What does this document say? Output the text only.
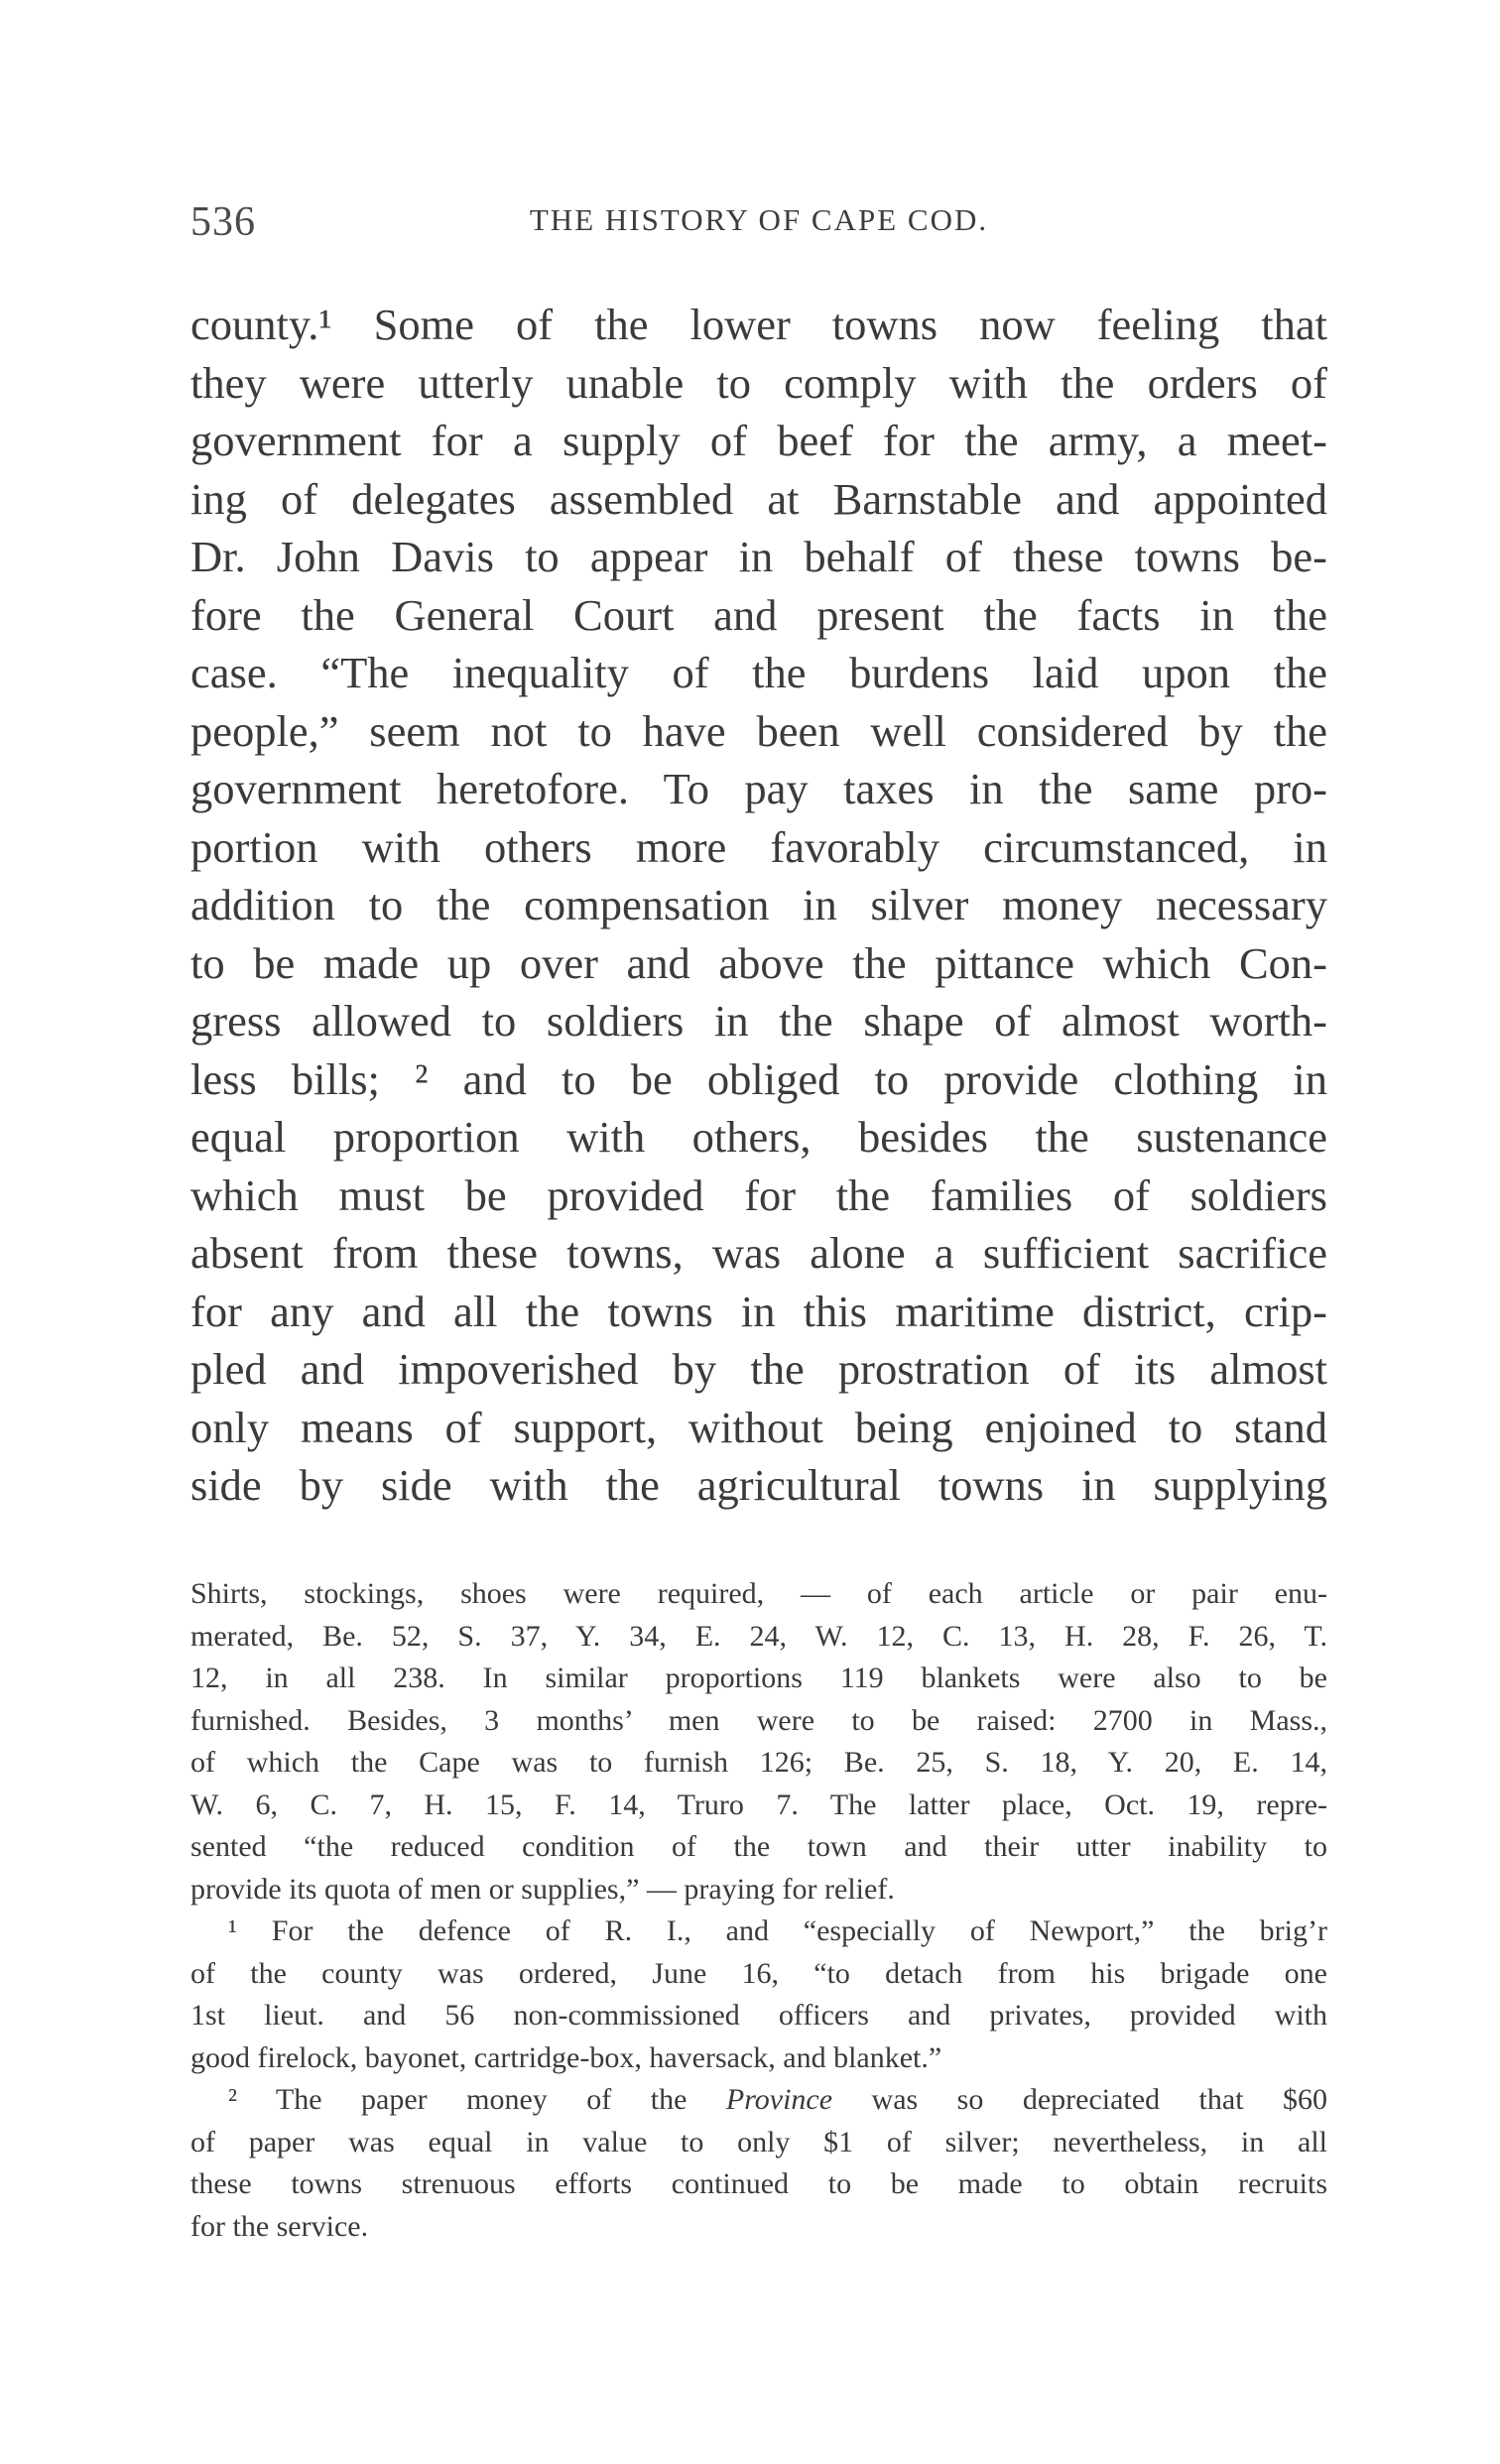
536	THE HISTORY OF CAPE COD.
county.¹ Some of the lower towns now feeling that
they were utterly unable to comply with the orders of
government for a supply of beef for the army, a meet-
ing of delegates assembled at Barnstable and appointed
Dr. John Davis to appear in behalf of these towns be-
fore the General Court and present the facts in the
case. “The inequality of the burdens laid upon the
people,” seem not to have been well considered by the
government heretofore. To pay taxes in the same pro-
portion with others more favorably circumstanced, in
addition to the compensation in silver money necessary
to be made up over and above the pittance which Con-
gress allowed to soldiers in the shape of almost worth-
less bills; ² and to be obliged to provide clothing in
equal proportion with others, besides the sustenance
which must be provided for the families of soldiers
absent from these towns, was alone a sufficient sacrifice
for any and all the towns in this maritime district, crip-
pled and impoverished by the prostration of its almost
only means of support, without being enjoined to stand
side by side with the agricultural towns in supplying
Shirts, stockings, shoes were required, — of each article or pair enu-
merated, Be. 52, S. 37, Y. 34, E. 24, W. 12, C. 13, H. 28, F. 26, T.
12, in all 238. In similar proportions 119 blankets were also to be
furnished. Besides, 3 months’ men were to be raised: 2700 in Mass.,
of which the Cape was to furnish 126; Be. 25, S. 18, Y. 20, E. 14,
W. 6, C. 7, H. 15, F. 14, Truro 7. The latter place, Oct. 19, repre-
sented “the reduced condition of the town and their utter inability to
provide its quota of men or supplies,” — praying for relief.
¹ For the defence of R. I., and “especially of Newport,” the brig’r
of the county was ordered, June 16, “to detach from his brigade one
1st lieut. and 56 non-commissioned officers and privates, provided with
good firelock, bayonet, cartridge-box, haversack, and blanket.”
² The paper money of the Province was so depreciated that $60
of paper was equal in value to only $1 of silver; nevertheless, in all
these towns strenuous efforts continued to be made to obtain recruits
for the service.
